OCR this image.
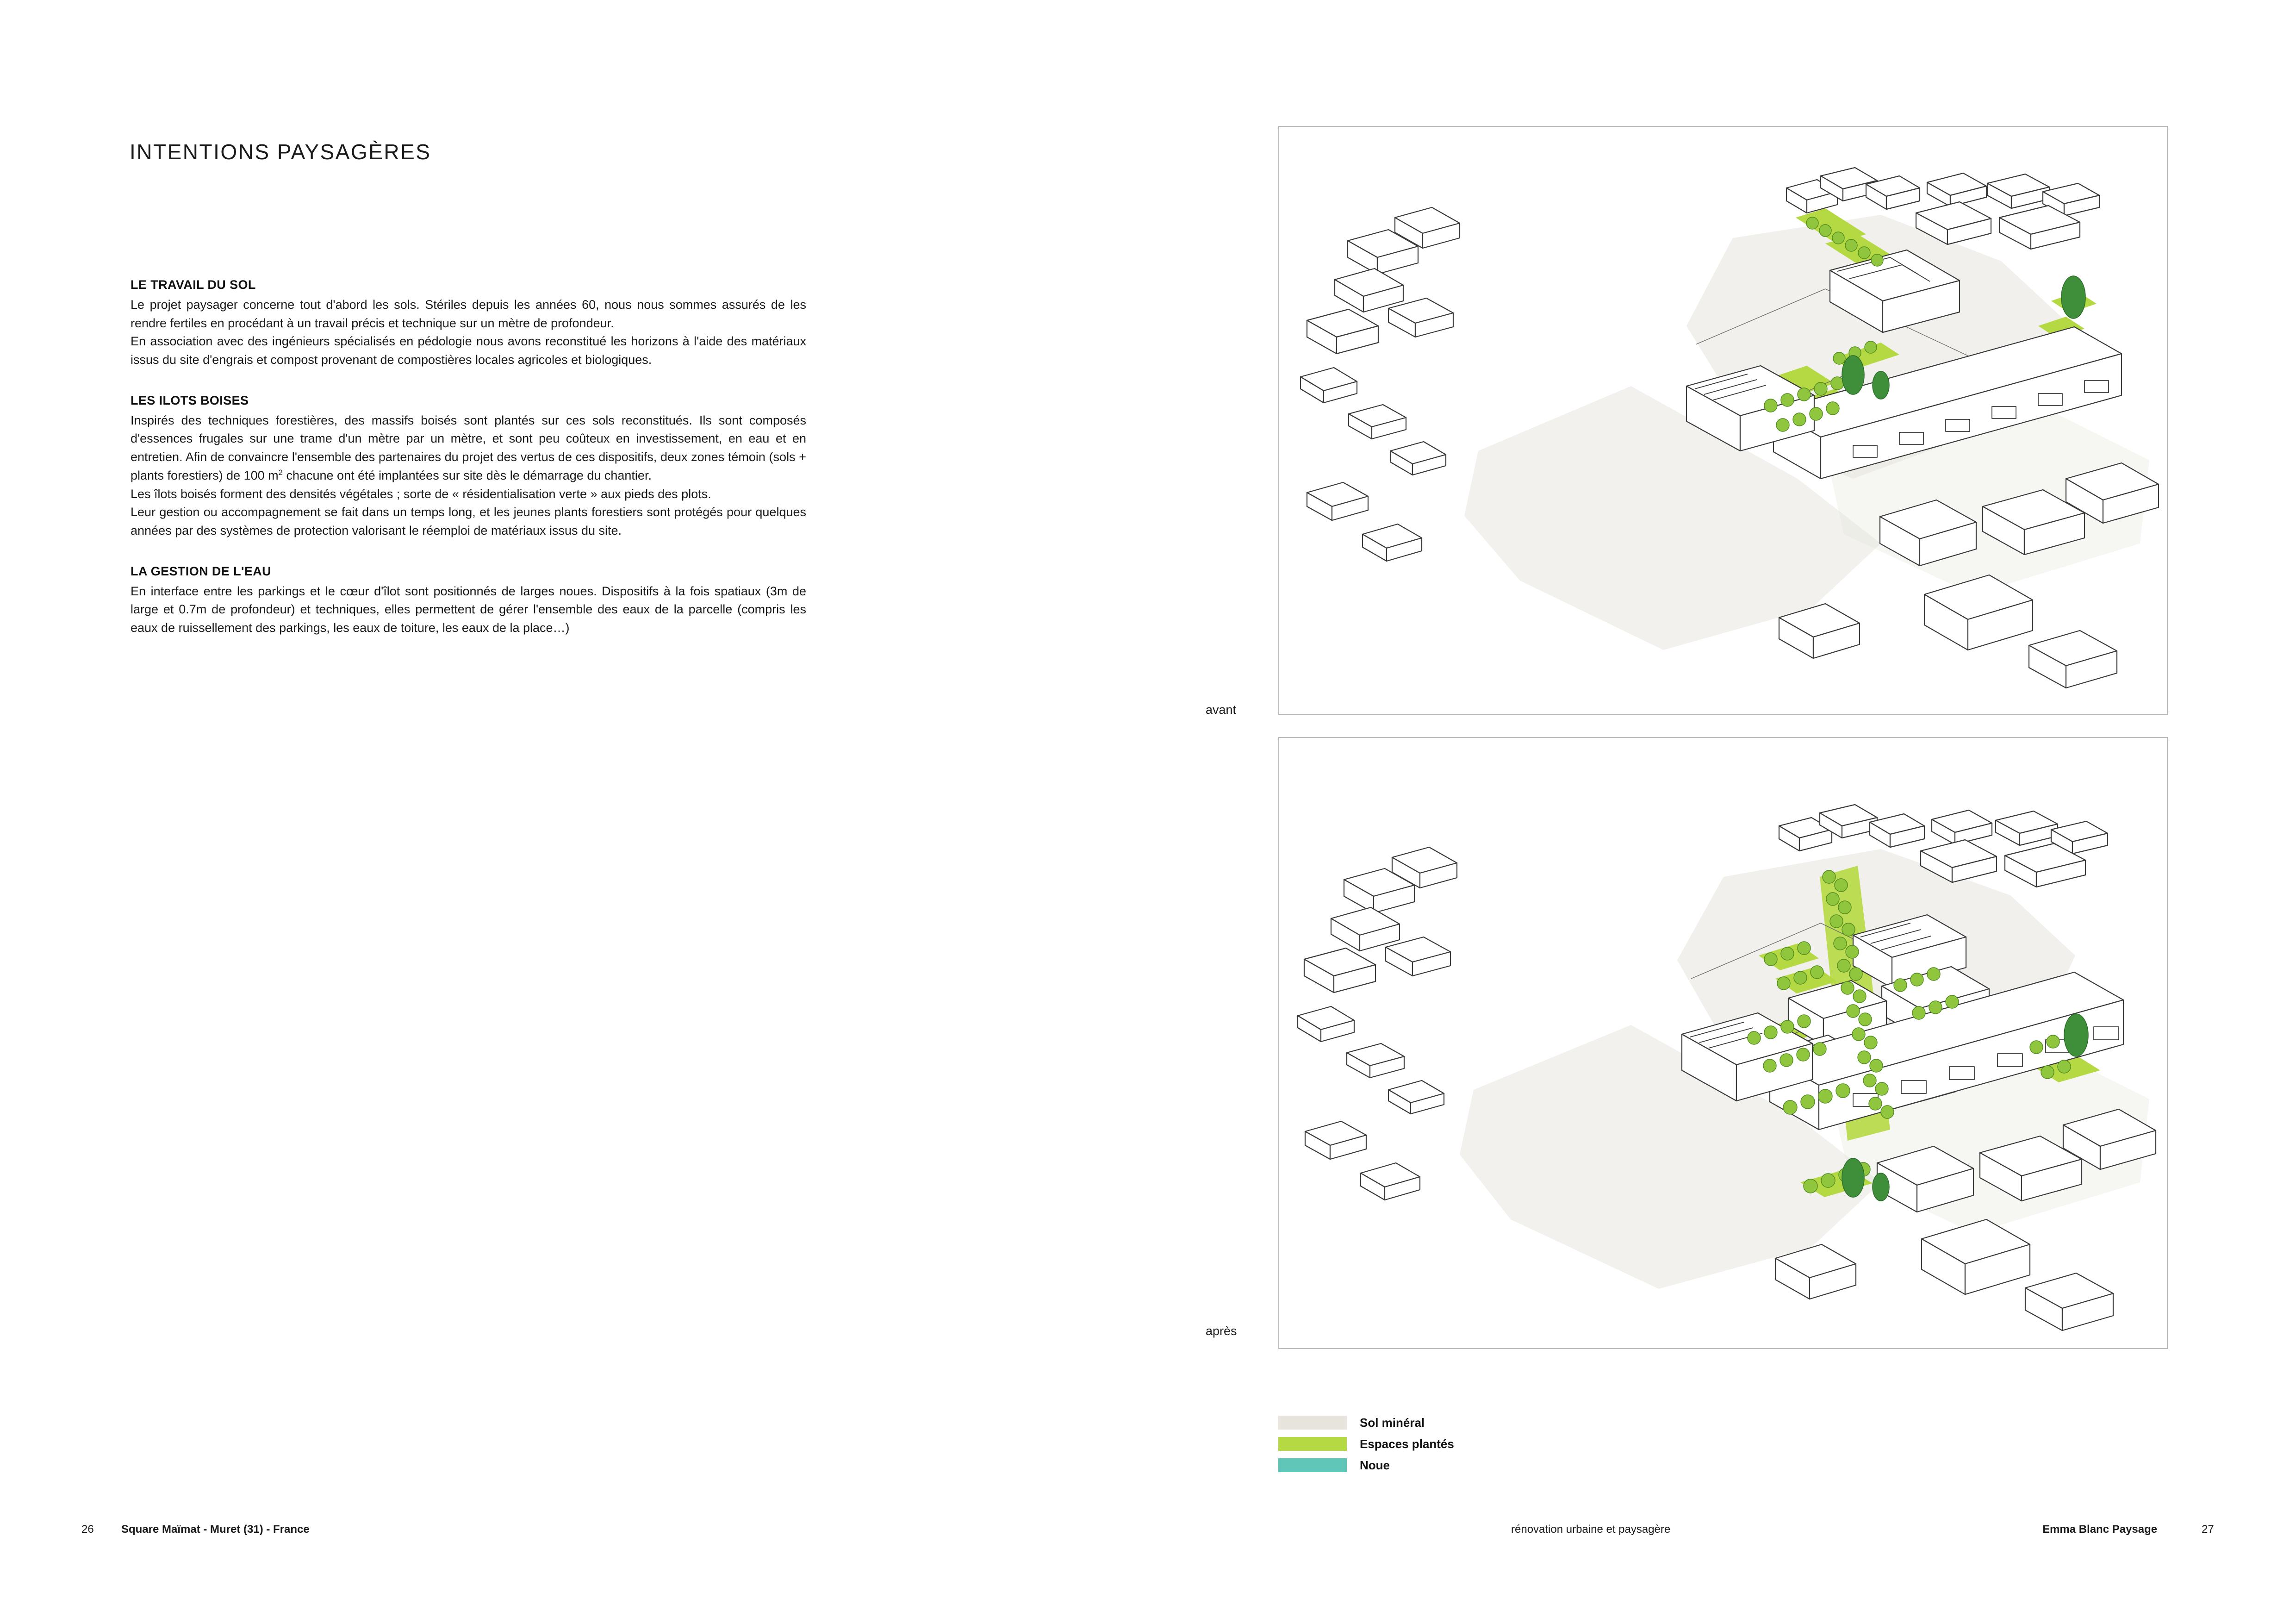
INTENTIONS PAYSAGÈRES
LE TRAVAIL DU SOL

Le projet paysager concerne tout d'abord les sols. Stériles depuis les années 60, nous nous sommes assurés de les rendre fertiles en procédant à un travail précis et technique sur un mètre de profondeur.

En association avec des ingénieurs spécialisés en pédologie nous avons reconstitué les horizons à l'aide des matériaux issus du site d'engrais et compost provenant de compostières locales agricoles et biologiques.

LES ILOTS BOISES

Inspirés des techniques forestières, des massifs boisés sont plantés sur ces sols reconstitués. Ils sont composés d'essences frugales sur une trame d'un mètre par un mètre, et sont peu coûteux en investissement, en eau et en entretien. Afin de convaincre l'ensemble des partenaires du projet des vertus de ces dispositifs, deux zones témoin (sols + plants forestiers) de 100 $m^2$ chacune ont été implantées sur site dès le démarrage du chantier.

Les îlots boisés forment des densités végétales ; sorte de « résidentialisation verte » aux pieds des plots.

Leur gestion ou accompagnement se fait dans un temps long, et les jeunes plants forestiers sont protégés pour quelques années par des systèmes de protection valorisant le réemploi de matériaux issus du site.

LA GESTION DE L'EAU

En interface entre les parkings et le cœur d'îlot sont positionnés de larges noues. Dispositifs à la fois spatiaux (3m de large et 0.7m de profondeur) et techniques, elles permettent de gérer l'ensemble des eaux de la parcelle (compris les eaux de ruissellement des parkings, les eaux de toiture, les eaux de la place…)

avant
après
Sol minéral
Espaces plantés
Noue
26 Square Maïmat - Muret (31) - France	rénovation urbaine et paysagère	Emma Blanc Paysage	27
